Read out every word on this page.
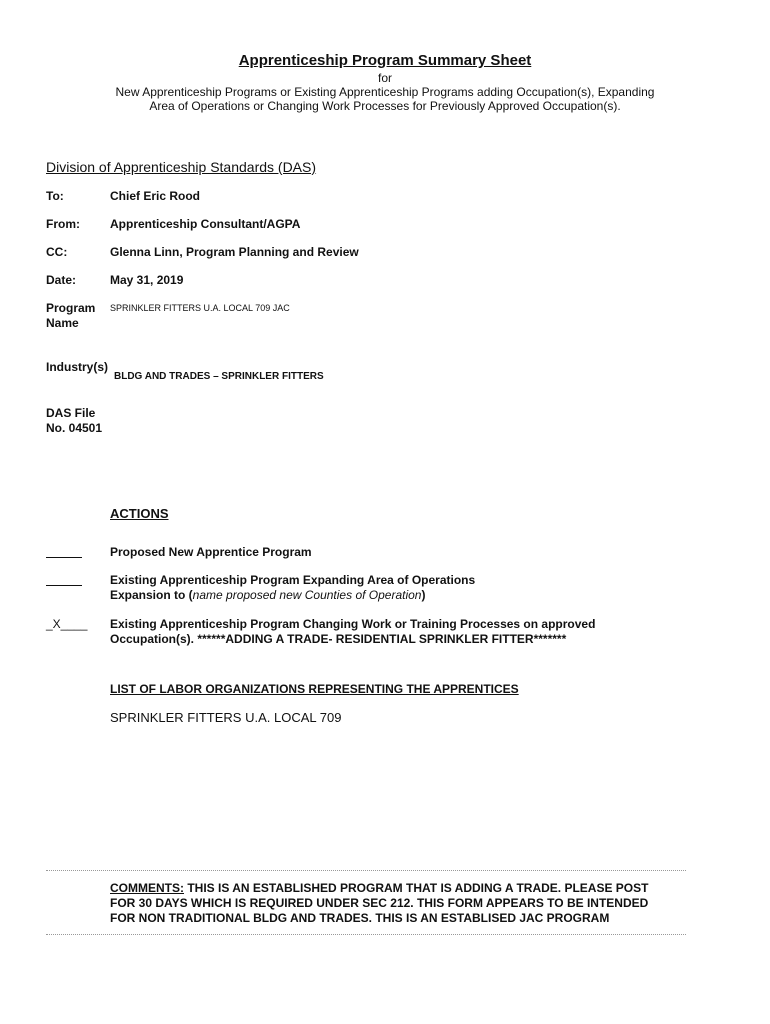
Apprenticeship Program Summary Sheet
for
New Apprenticeship Programs or Existing Apprenticeship Programs adding Occupation(s), Expanding
Area of Operations or Changing Work Processes for Previously Approved Occupation(s).
Division of Apprenticeship Standards (DAS)
To:	Chief Eric Rood
From:	Apprenticeship Consultant/AGPA
CC:	Glenna Linn, Program Planning and Review
Date:	May 31, 2019
Program
Name
SPRINKLER FITTERS U.A. LOCAL 709 JAC
Industry(s)
BLDG AND TRADES – SPRINKLER FITTERS
DAS File
No. 04501
ACTIONS
Proposed New Apprentice Program
Existing Apprenticeship Program Expanding Area of Operations
Expansion to (name proposed new Counties of Operation)
_X____ Existing Apprenticeship Program Changing Work or Training Processes on approved
Occupation(s). ******ADDING A TRADE- RESIDENTIAL SPRINKLER FITTER*******
LIST OF LABOR ORGANIZATIONS REPRESENTING THE APPRENTICES
SPRINKLER FITTERS U.A. LOCAL 709
COMMENTS: THIS IS AN ESTABLISHED PROGRAM THAT IS ADDING A TRADE. PLEASE POST
FOR 30 DAYS WHICH IS REQUIRED UNDER SEC 212. THIS FORM APPEARS TO BE INTENDED
FOR NON TRADITIONAL BLDG AND TRADES. THIS IS AN ESTABLISED JAC PROGRAM
